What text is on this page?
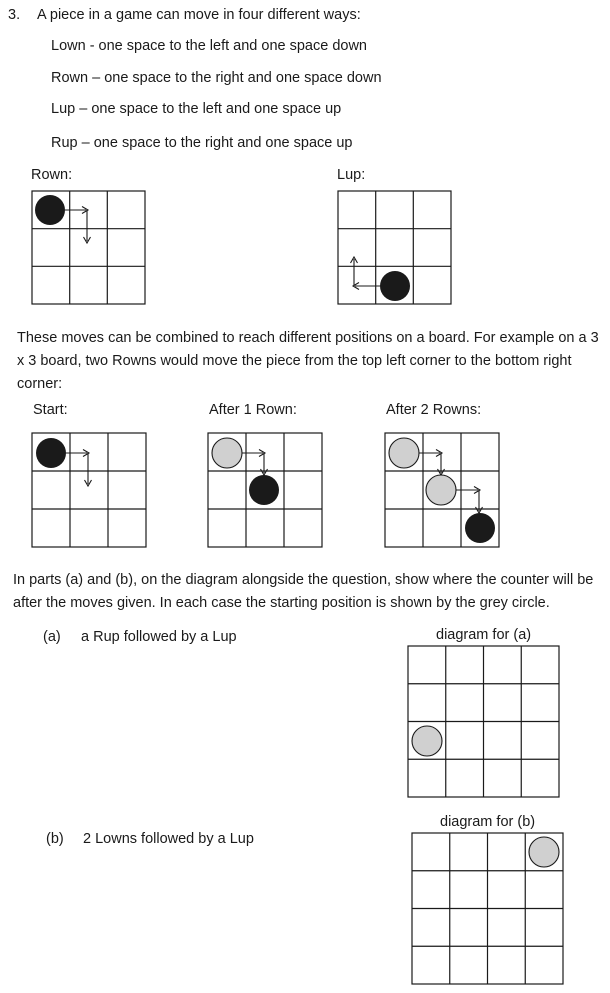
3. A piece in a game can move in four different ways:
Lown - one space to the left and one space down
Rown – one space to the right and one space down
Lup – one space to the left and one space up
Rup – one space to the right and one space up
Rown:	Lup:
These moves can be combined to reach different positions on a board. For example on a 3 x 3 board, two Rowns would move the piece from the top left corner to the bottom right corner:
Start:	After 1 Rown:	After 2 Rowns:
In parts (a) and (b), on the diagram alongside the question, show where the counter will be after the moves given. In each case the starting position is shown by the grey circle.
(a) a Rup followed by a Lup	diagram for (a)
(b) 2 Lowns followed by a Lup
diagram for (b)
